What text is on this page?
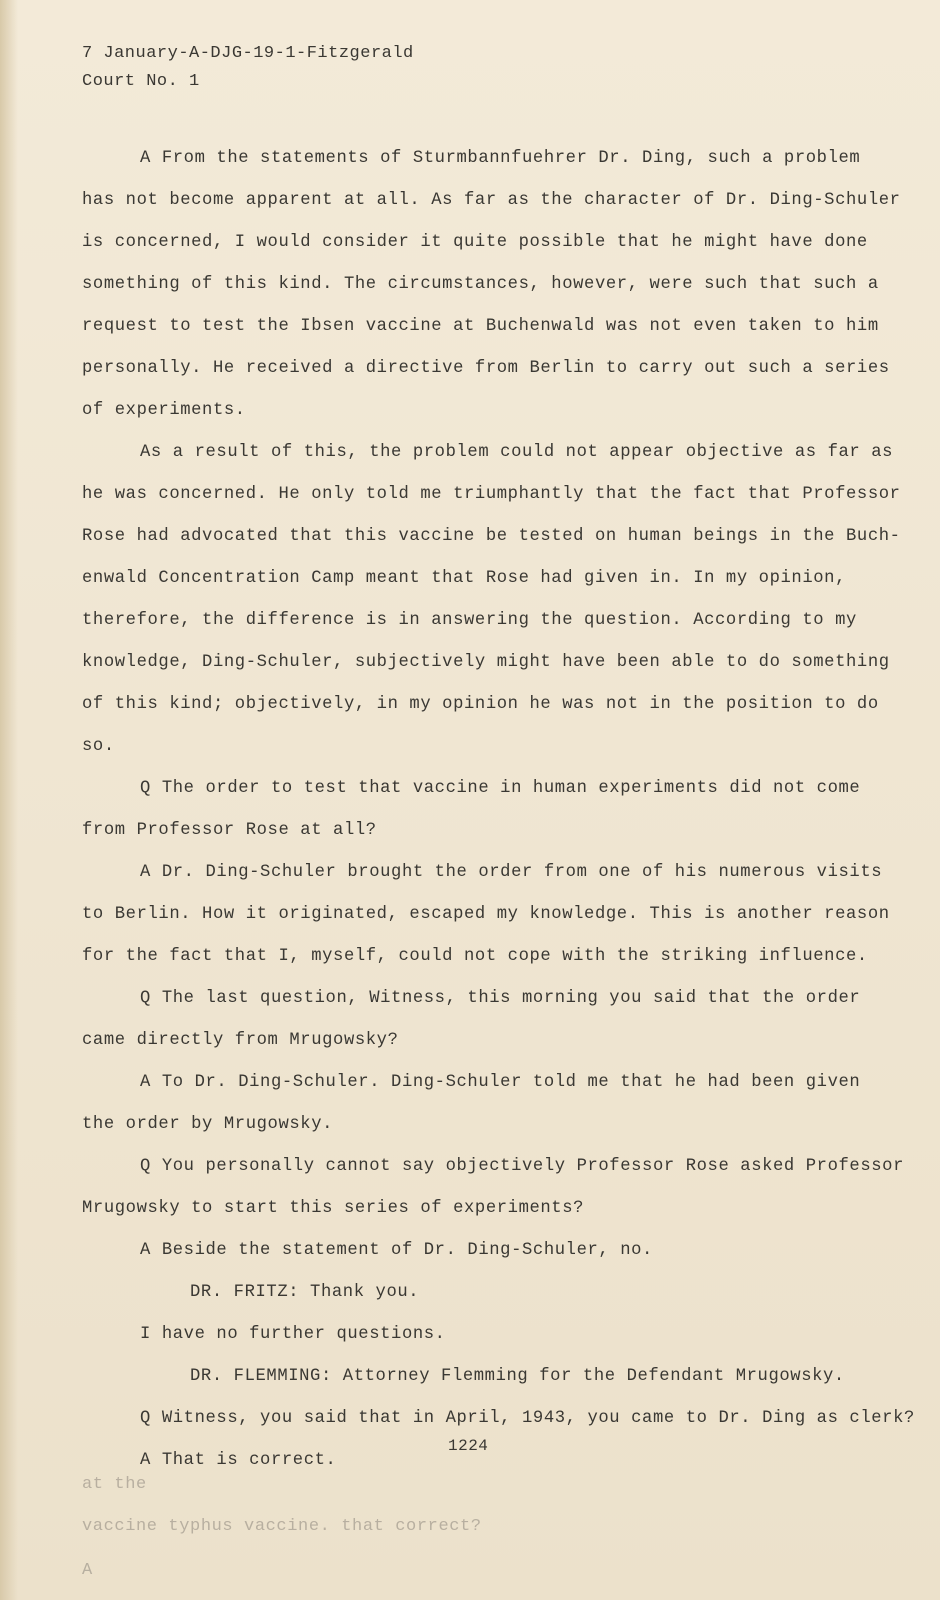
7 January-A-DJG-19-1-Fitzgerald
Court No. 1
A From the statements of Sturmbannfuehrer Dr. Ding, such a problem
has not become apparent at all. As far as the character of Dr. Ding-Schuler
is concerned, I would consider it quite possible that he might have done
something of this kind. The circumstances, however, were such that such a
request to test the Ibsen vaccine at Buchenwald was not even taken to him
personally. He received a directive from Berlin to carry out such a series
of experiments.
As a result of this, the problem could not appear objective as far as
he was concerned. He only told me triumphantly that the fact that Professor
Rose had advocated that this vaccine be tested on human beings in the Buch-
enwald Concentration Camp meant that Rose had given in. In my opinion,
therefore, the difference is in answering the question. According to my
knowledge, Ding-Schuler, subjectively might have been able to do something
of this kind; objectively, in my opinion he was not in the position to do
so.
Q The order to test that vaccine in human experiments did not come
from Professor Rose at all?
A Dr. Ding-Schuler brought the order from one of his numerous visits
to Berlin. How it originated, escaped my knowledge. This is another reason
for the fact that I, myself, could not cope with the striking influence.
Q The last question, Witness, this morning you said that the order
came directly from Mrugowsky?
A To Dr. Ding-Schuler. Ding-Schuler told me that he had been given
the order by Mrugowsky.
Q You personally cannot say objectively Professor Rose asked Professor
Mrugowsky to start this series of experiments?
A Beside the statement of Dr. Ding-Schuler, no.
DR. FRITZ: Thank you.
I have no further questions.
DR. FLEMMING: Attorney Flemming for the Defendant Mrugowsky.
Q Witness, you said that in April, 1943, you came to Dr. Ding as clerk?
A That is correct.
1224
at the
vaccine typhus vaccine. that correct?
A
